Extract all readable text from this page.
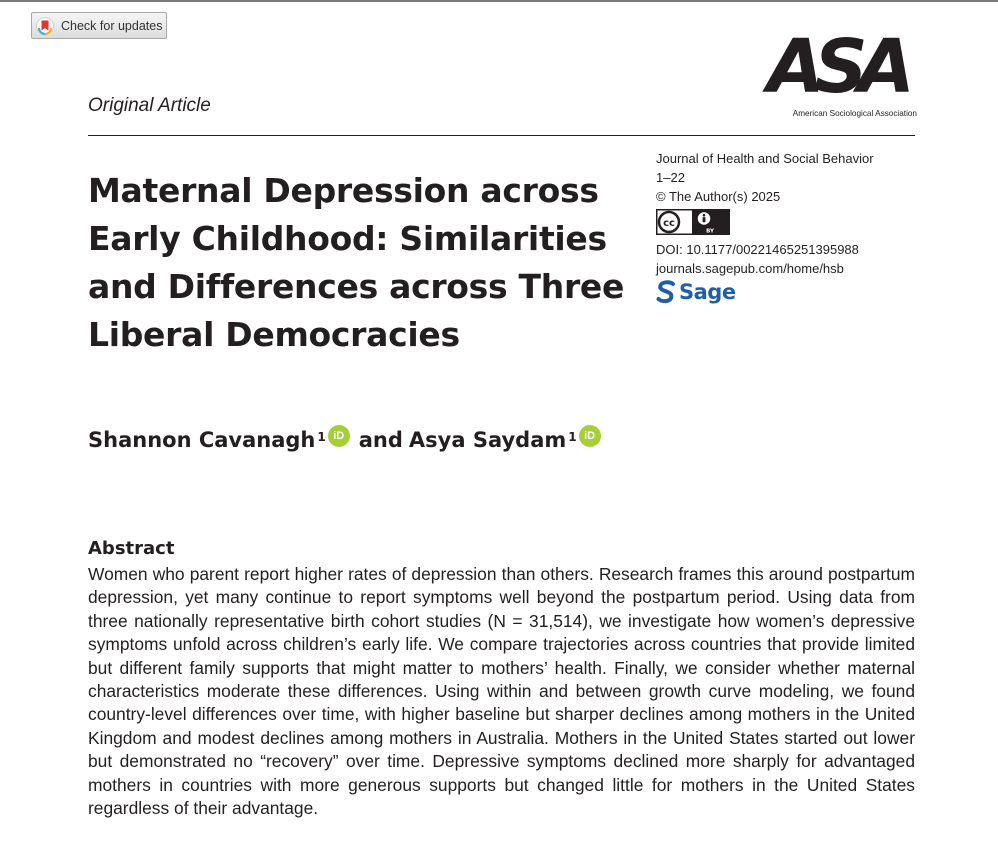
Check for updates
Original Article	ASA
American Sociological Association
Maternal Depression across
Early Childhood: Similarities
and Differences across Three
Liberal Democracies
Journal of Health and Social Behavior
1–22
© The Author(s) 2025
cc
BY
DOI: 10.1177/00221465251395988
journals.sagepub.com/home/hsb
Sage
Shannon Cavanagh 1 iD and Asya Saydam 1 iD
Abstract

Women who parent report higher rates of depression than others. Research frames this around postpartum depression, yet many continue to report symptoms well beyond the postpartum period. Using data from three nationally representative birth cohort studies (N = 31,514), we investigate how women’s depressive symptoms unfold across children’s early life. We compare trajectories across countries that provide limited but different family supports that might matter to mothers’ health. Finally, we consider whether maternal characteristics moderate these differences. Using within and between growth curve modeling, we found country-level differences over time, with higher baseline but sharper declines among mothers in the United Kingdom and modest declines among mothers in Australia. Mothers in the United States started out lower but demonstrated no “recovery” over time. Depressive symptoms declined more sharply for advantaged mothers in countries with more generous supports but changed little for mothers in the United States regardless of their advantage.
